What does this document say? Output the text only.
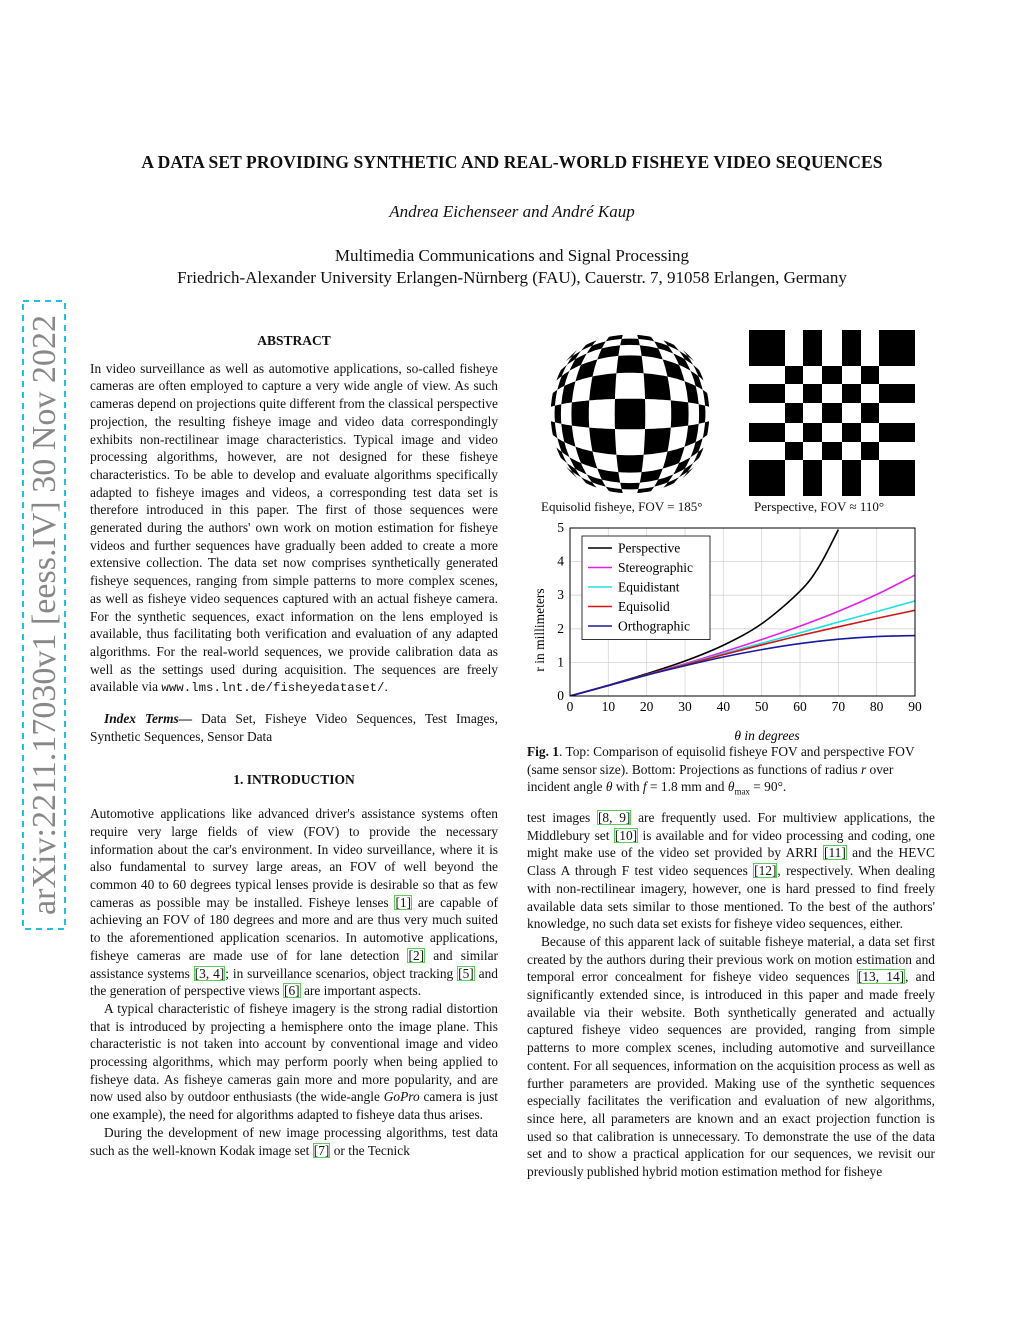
arXiv:2211.17030v1 [eess.IV] 30 Nov 2022
A DATA SET PROVIDING SYNTHETIC AND REAL-WORLD FISHEYE VIDEO SEQUENCES
Andrea Eichenseer and André Kaup
Multimedia Communications and Signal Processing
Friedrich-Alexander University Erlangen-Nürnberg (FAU), Cauerstr. 7, 91058 Erlangen, Germany
ABSTRACT

In video surveillance as well as automotive applications, so-called fisheye cameras are often employed to capture a very wide angle of view. As such cameras depend on projections quite different from the classical perspective projection, the resulting fisheye image and video data correspondingly exhibits non-rectilinear image characteristics. Typical image and video processing algorithms, however, are not designed for these fisheye characteristics. To be able to develop and evaluate algorithms specifically adapted to fisheye images and videos, a corresponding test data set is therefore introduced in this paper. The first of those sequences were generated during the authors' own work on motion estimation for fisheye videos and further sequences have gradually been added to create a more extensive collection. The data set now comprises synthetically generated fisheye sequences, ranging from simple patterns to more complex scenes, as well as fisheye video sequences captured with an actual fisheye camera. For the synthetic sequences, exact information on the lens employed is available, thus facilitating both verification and evaluation of any adapted algorithms. For the real-world sequences, we provide calibration data as well as the settings used during acquisition. The sequences are freely available via www.lms.lnt.de/fisheyedataset/.

Index Terms— Data Set, Fisheye Video Sequences, Test Images, Synthetic Sequences, Sensor Data

1. INTRODUCTION

Automotive applications like advanced driver's assistance systems often require very large fields of view (FOV) to provide the necessary information about the car's environment. In video surveillance, where it is also fundamental to survey large areas, an FOV of well beyond the common 40 to 60 degrees typical lenses provide is desirable so that as few cameras as possible may be installed. Fisheye lenses [1] are capable of achieving an FOV of 180 degrees and more and are thus very much suited to the aforementioned application scenarios. In automotive applications, fisheye cameras are made use of for lane detection [2] and similar assistance systems [3, 4]; in surveillance scenarios, object tracking [5] and the generation of perspective views [6] are important aspects.

A typical characteristic of fisheye imagery is the strong radial distortion that is introduced by projecting a hemisphere onto the image plane. This characteristic is not taken into account by conventional image and video processing algorithms, which may perform poorly when being applied to fisheye data. As fisheye cameras gain more and more popularity, and are now used also by outdoor enthusiasts (the wide-angle GoPro camera is just one example), the need for algorithms adapted to fisheye data thus arises.

During the development of new image processing algorithms, test data such as the well-known Kodak image set [7] or the Tecnick

Equisolid fisheye, FOV = 185°	Perspective, FOV ≈ 110°
0 10 20 30 40 50 60 70 80 90
0
1
2
3
4
5
Perspective
Stereographic
Equidistant
Equisolid
Orthographic
θ in degrees
r in millimeters
Fig. 1. Top: Comparison of equisolid fisheye FOV and perspective FOV (same sensor size). Bottom: Projections as functions of radius r over incident angle θ with f = 1.8 mm and $\theta_{max} = 90^\circ$.

test images [8, 9] are frequently used. For multiview applications, the Middlebury set [10] is available and for video processing and coding, one might make use of the video set provided by ARRI [11] and the HEVC Class A through F test video sequences [12], respectively. When dealing with non-rectilinear imagery, however, one is hard pressed to find freely available data sets similar to those mentioned. To the best of the authors' knowledge, no such data set exists for fisheye video sequences, either.

Because of this apparent lack of suitable fisheye material, a data set first created by the authors during their previous work on motion estimation and temporal error concealment for fisheye video sequences [13, 14], and significantly extended since, is introduced in this paper and made freely available via their website. Both synthetically generated and actually captured fisheye video sequences are provided, ranging from simple patterns to more complex scenes, including automotive and surveillance content. For all sequences, information on the acquisition process as well as further parameters are provided. Making use of the synthetic sequences especially facilitates the verification and evaluation of new algorithms, since here, all parameters are known and an exact projection function is used so that calibration is unnecessary. To demonstrate the use of the data set and to show a practical application for our sequences, we revisit our previously published hybrid motion estimation method for fisheye
